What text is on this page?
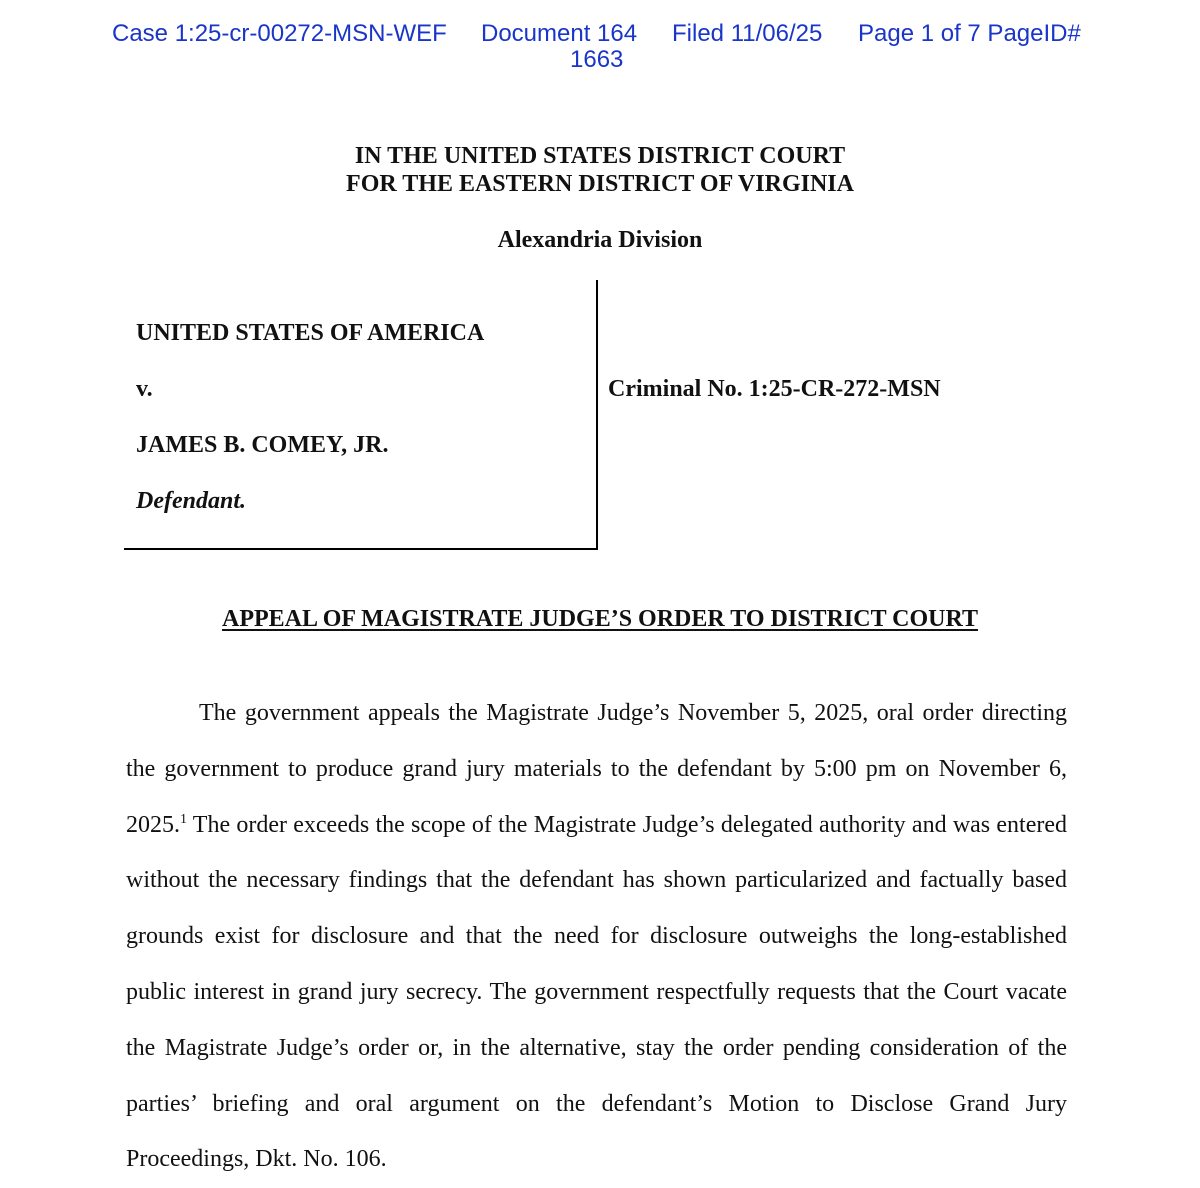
Case 1:25-cr-00272-MSN-WEF Document 164 Filed 11/06/25 Page 1 of 7 PageID#
1663
IN THE UNITED STATES DISTRICT COURT
FOR THE EASTERN DISTRICT OF VIRGINIA
Alexandria Division
UNITED STATES OF AMERICA
v.
JAMES B. COMEY, JR.
Defendant.
Criminal No. 1:25-CR-272-MSN
APPEAL OF MAGISTRATE JUDGE’S ORDER TO DISTRICT COURT

The government appeals the Magistrate Judge’s November 5, 2025, oral order directing the government to produce grand jury materials to the defendant by 5:00 pm on November 6, 2025.$^1$ The order exceeds the scope of the Magistrate Judge’s delegated authority and was entered without the necessary findings that the defendant has shown particularized and factually based grounds exist for disclosure and that the need for disclosure outweighs the long-established public interest in grand jury secrecy. The government respectfully requests that the Court vacate the Magistrate Judge’s order or, in the alternative, stay the order pending consideration of the parties’ briefing and oral argument on the defendant’s Motion to Disclose Grand Jury Proceedings, Dkt. No. 106.
